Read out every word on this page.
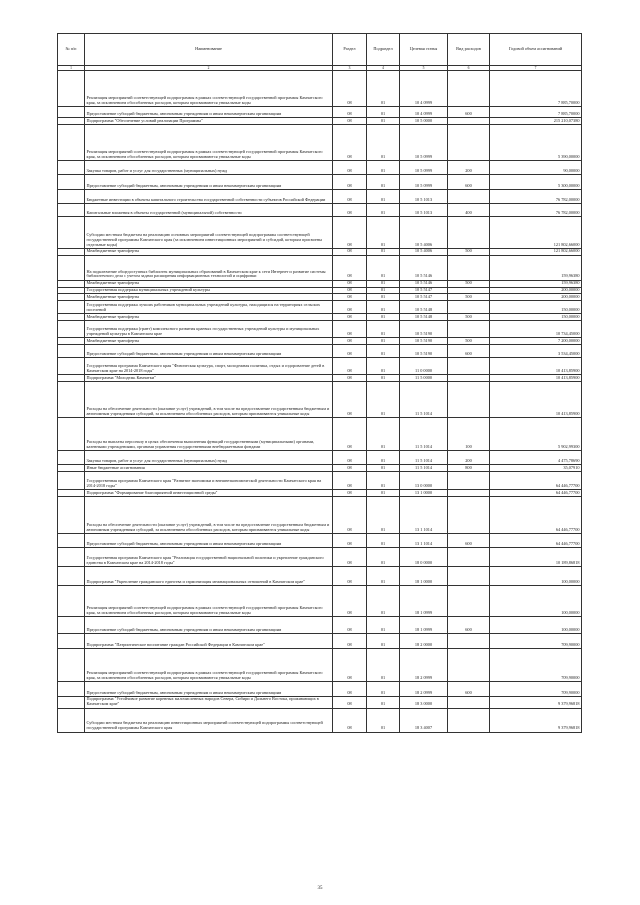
№ п/п	Наименование	Раздел	Подраздел	Целевая статья	Вид расходов	Годовой объем ассигнований
1	2	3	4	5	6	7
	Реализация мероприятий соответствующей подпрограммы в рамках соответствующей государственной программы Камчатского края, за исключением обособленных расходов, которым присваиваются уникальные коды	08	01	10 4 0999		7 885,70000
	Предоставление субсидий бюджетным, автономным учреждениям и иным некоммерческим организациям	08	01	10 4 0999	600	7 885,70000
	Подпрограмма "Обеспечение условий реализации Программы"	08	01	10 5 0000		215 210,07380
	Реализация мероприятий соответствующей подпрограммы в рамках соответствующей государственной программы Камчатского края, за исключением обособленных расходов, которым присваиваются уникальные коды	08	01	10 5 0999		5 390,00000
	Закупка товаров, работ и услуг для государственных (муниципальных) нужд	08	01	10 5 0999	200	90,00000
	Предоставление субсидий бюджетным, автономным учреждениям и иным некоммерческим организациям	08	01	10 5 0999	600	5 300,00000
	Бюджетные инвестиции в объекты капитального строительства государственной собственности субъектов Российской Федерации	08	01	10 5 1013		76 782,00000
	Капитальные вложения в объекты государственной (муниципальной) собственности	08	01	10 5 1013	400	76 782,00000
	Субсидии местным бюджетам на реализацию основных мероприятий соответствующей подпрограммы соответствующей государственной программы Камчатского края (за исключением инвестиционных мероприятий и субсидий, которым присвоены отдельные коды)	08	01	10 5 4006		121 802,66000
	Межбюджетные трансферты	08	01	10 5 4006	500	121 802,66000
	На подключение общедоступных библиотек муниципальных образований в Камчатском крае к сети Интернет и развитие системы библиотечного дела с учетом задачи расширения информационных технологий и оцифровки	08	01	10 5 5146		159,96380
	Межбюджетные трансферты	08	01	10 5 5146	500	159,96380
	Государственная поддержка муниципальных учреждений культуры	08	01	10 5 5147		200,00000
	Межбюджетные трансферты	08	01	10 5 5147	500	200,00000
	Государственная поддержка лучших работников муниципальных учреждений культуры, находящихся на территориях сельских поселений	08	01	10 5 5148		150,00000
	Межбюджетные трансферты	08	01	10 5 5148	500	150,00000
	Государственная поддержка (грант) комплексного развития краевых государственных учреждений культуры и муниципальных учреждений культуры в Камчатском крае	08	01	10 5 5190		10 734,45000
	Межбюджетные трансферты	08	01	10 5 5190	500	7 200,00000
	Предоставление субсидий бюджетным, автономным учреждениям и иным некоммерческим организациям	08	01	10 5 5190	600	3 534,45000
	Государственная программа Камчатского края "Физическая культура, спорт, молодежная политика, отдых и оздоровление детей в Камчатском крае на 2014-2018 годы"	08	01	11 0 0000		10 413,85900
	Подпрограмма "Молодежь Камчатки"	08	01	11 5 0000		10 413,85900
	Расходы на обеспечение деятельности (оказание услуг) учреждений, в том числе на предоставление государственным бюджетным и автономным учреждениям субсидий, за исключением обособленных расходов, которым присваиваются уникальные коды	08	01	11 5 1014		10 413,85900
	Расходы на выплаты персоналу в целях обеспечения выполнения функций государственными (муниципальными) органами, казенными учреждениями, органами управления государственными внебюджетными фондами	08	01	11 5 1014	100	5 902,99300
	Закупка товаров, работ и услуг для государственных (муниципальных) нужд	08	01	11 5 1014	200	4 475,78690
	Иные бюджетные ассигнования	08	01	11 5 1014	800	35,07910
	Государственная программа Камчатского края "Развитие экономики и внешнеэкономической деятельности Камчатского края на 2014-2018 годы"	08	01	13 0 0000		64 446,77700
	Подпрограмма "Формирование благоприятной инвестиционной среды"	08	01	13 1 0000		64 446,77700
	Расходы на обеспечение деятельности (оказание услуг) учреждений, в том числе на предоставление государственным бюджетным и автономным учреждениям субсидий, за исключением обособленных расходов, которым присваиваются уникальные коды	08	01	13 1 1014		64 446,77700
	Предоставление субсидий бюджетным, автономным учреждениям и иным некоммерческим организациям	08	01	13 1 1014	600	64 446,77700
	Государственная программа Камчатского края "Реализация государственной национальной политики и укрепление гражданского единства в Камчатском крае на 2014-2018 годы"	08	01	18 0 0000		10 189,86818
	Подпрограмма "Укрепление гражданского единства и гармонизация межнациональных отношений в Камчатском крае"	08	01	18 1 0000		100,00000
	Реализация мероприятий соответствующей подпрограммы в рамках соответствующей государственной программы Камчатского края, за исключением обособленных расходов, которым присваиваются уникальные коды	08	01	18 1 0999		100,00000
	Предоставление субсидий бюджетным, автономным учреждениям и иным некоммерческим организациям	08	01	18 1 0999	600	100,00000
	Подпрограмма "Патриотическое воспитание граждан Российской Федерации в Камчатском крае"	08	01	18 2 0000		709,90000
	Реализация мероприятий соответствующей подпрограммы в рамках соответствующей государственной программы Камчатского края, за исключением обособленных расходов, которым присваиваются уникальные коды	08	01	18 2 0999		709,90000
	Предоставление субсидий бюджетным, автономным учреждениям и иным некоммерческим организациям	08	01	18 2 0999	600	709,90000
	Подпрограмма "Устойчивое развитие коренных малочисленных народов Севера, Сибири и Дальнего Востока, проживающих в Камчатском крае"	08	01	18 3 0000		9 379,96818
	Субсидии местным бюджетам на реализацию инвестиционных мероприятий соответствующей подпрограммы соответствующей государственной программы Камчатского края	08	01	18 3 4007		9 379,96818
35
